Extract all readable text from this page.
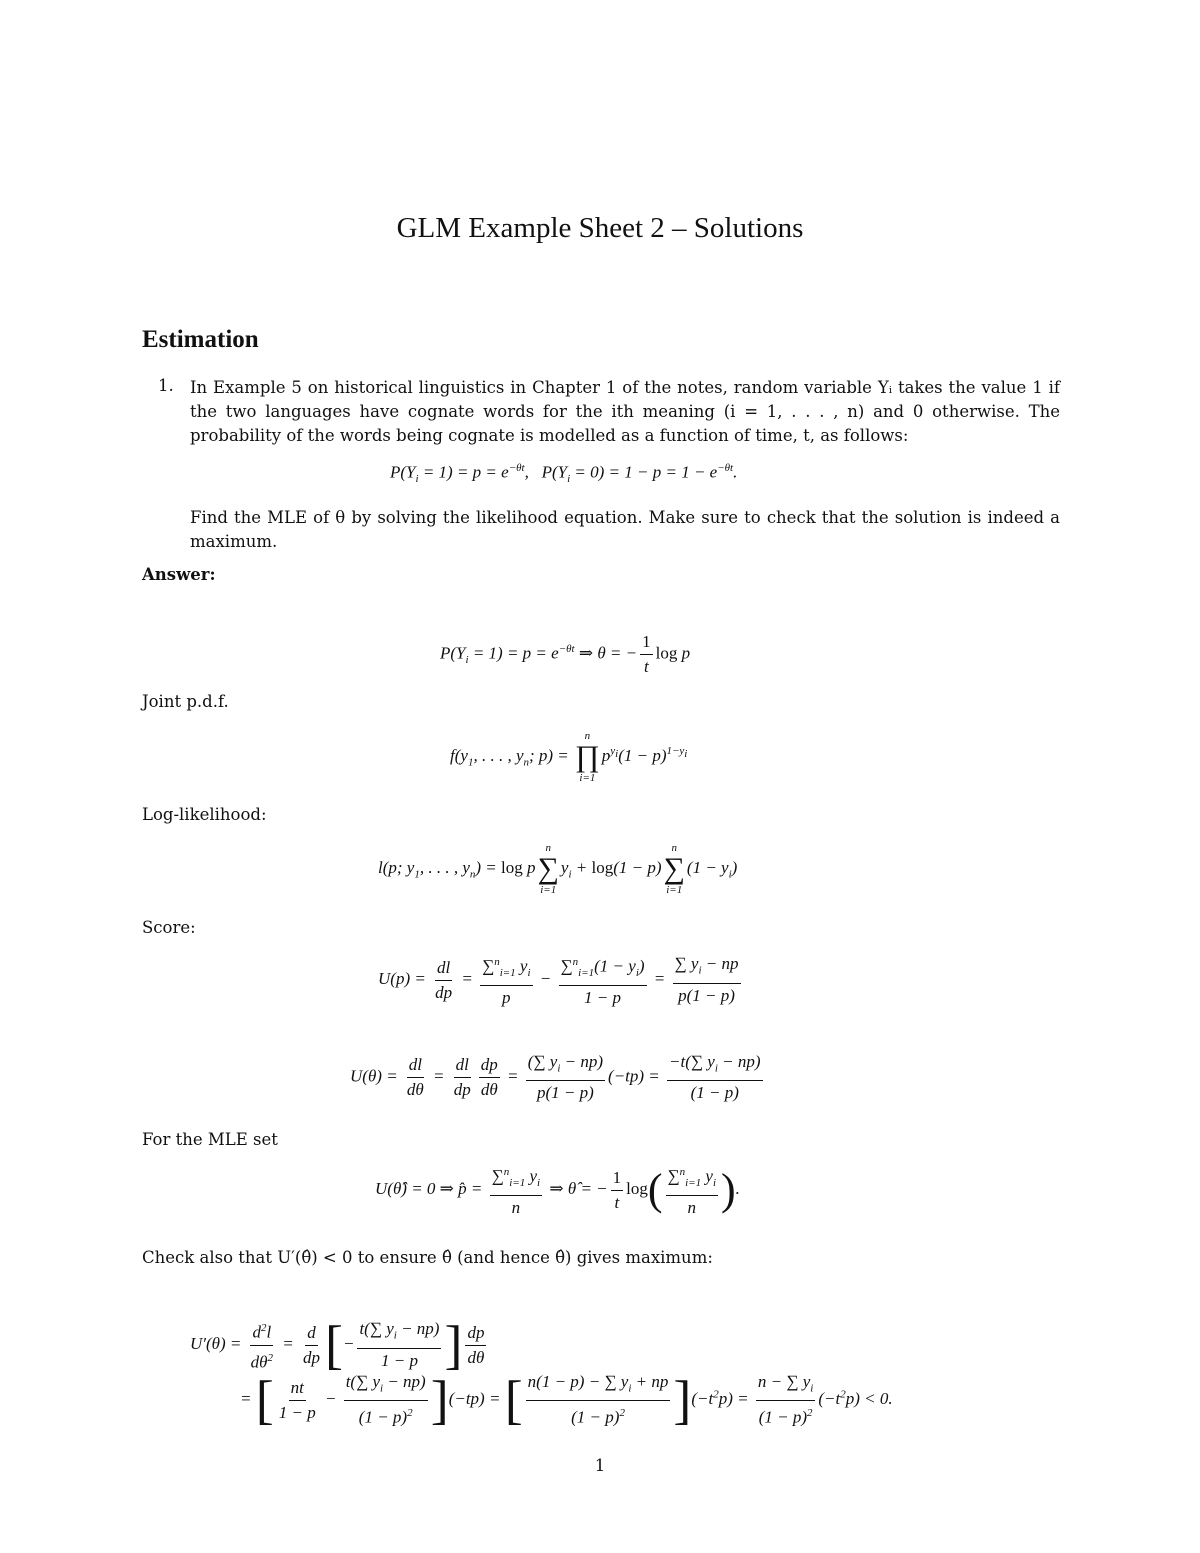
GLM Example Sheet 2 – Solutions
Estimation
1. In Example 5 on historical linguistics in Chapter 1 of the notes, random variable Yᵢ takes the value 1 if the two languages have cognate words for the ith meaning (i = 1, . . . , n) and 0 otherwise. The probability of the words being cognate is modelled as a function of time, t, as follows:
$P(Y_i = 1) = p = e^{-\theta t}$,   $P(Y_i = 0) = 1 - p = 1 - e^{-\theta t}$.
Find the MLE of θ by solving the likelihood equation. Make sure to check that the solution is indeed a maximum.
Answer:
$P(Y_i = 1) = p = e^{-\theta t}$ ⇒ θ = − $\frac{1}{t}$ log p
Joint p.d.f.
$f(y_1$, . . . , $y_n$; p) =
n
∏
i=1
$p^{y_i}(1 - p)^{1-y_i}$
Log-likelihood:
l(p; $y_1$, . . . , $y_n) = \log p$
n
∑
i=1
$y_i + \log(1 - p)$
n
∑
i=1
$(1 - y_i)$
Score:
$U(p) = \frac{dl}{dp} = \frac{\sum^n_{i=1} y_i}{p} - \frac{\sum^n_{i=1}(1 - y_i)}{1 - p} = \frac{\sum y_i - np}{p(1 - p)}$
$U(\theta) = \frac{dl}{d\theta} = \frac{dl}{dp} \frac{dp}{d\theta} = \frac{(\sum y_i - np)}{p(1 - p)} (-tp) = \frac{-t(\sum y_i - np)}{(1 - p)}$
For the MLE set
U(θ̂) = 0 ⇒ p̂ = $\frac{\sum^n_{i=1} y_i}{n}$ ⇒ θ̂ = − $\frac{1}{t} \log( \frac{\sum^n_{i=1} y_i}{n}$ ).
Check also that U′(θ̂) < 0 to ensure θ̂ (and hence θ̂) gives maximum:
$U'(\theta) = \frac{d^2l}{d\theta^2} = \frac{d}{dp}$ [− $\frac{t(\sum y_i - np)}{1 - p}$ ] $\frac{dp}{d\theta}$
= [ $\frac{nt}{1 - p} - \frac{t(\sum y_i - np)}{(1 - p)^2} ](-tp)$ = [ $\frac{n(1 - p) - \sum y_i + np}{(1 - p)^2} ](-t^2p) = \frac{n - \sum y_i}{(1 - p)^2} (-t^2p) < 0$.
1
